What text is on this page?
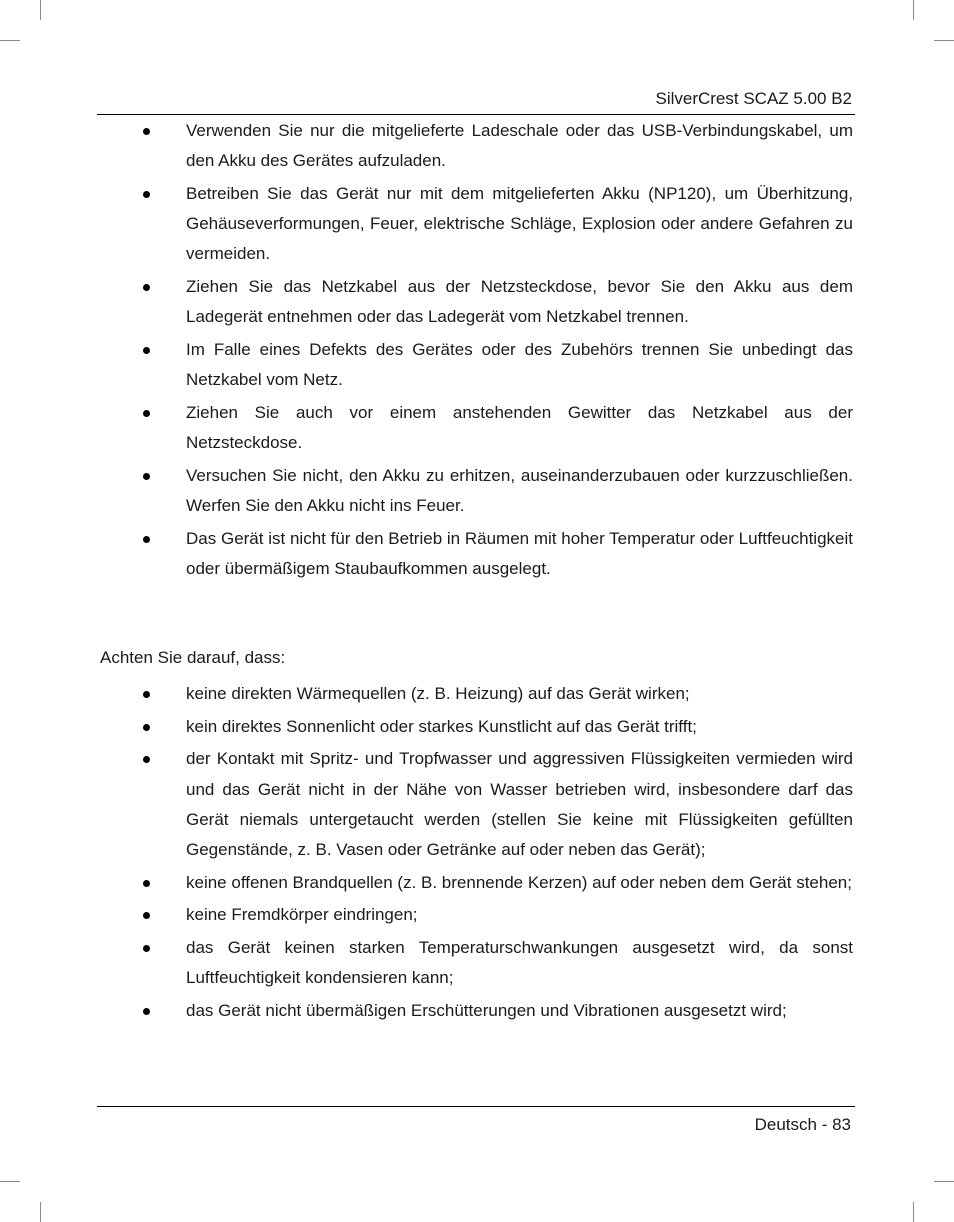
SilverCrest SCAZ 5.00 B2
Verwenden Sie nur die mitgelieferte Ladeschale oder das USB-Verbindungskabel, um den Akku des Gerätes aufzuladen.
Betreiben Sie das Gerät nur mit dem mitgelieferten Akku (NP120), um Überhitzung, Gehäuseverformungen, Feuer, elektrische Schläge, Explosion oder andere Gefahren zu vermeiden.
Ziehen Sie das Netzkabel aus der Netzsteckdose, bevor Sie den Akku aus dem Ladegerät entnehmen oder das Ladegerät vom Netzkabel trennen.
Im Falle eines Defekts des Gerätes oder des Zubehörs trennen Sie unbedingt das Netzkabel vom Netz.
Ziehen Sie auch vor einem anstehenden Gewitter das Netzkabel aus der Netzsteckdose.
Versuchen Sie nicht, den Akku zu erhitzen, auseinanderzubauen oder kurzzuschließen. Werfen Sie den Akku nicht ins Feuer.
Das Gerät ist nicht für den Betrieb in Räumen mit hoher Temperatur oder Luftfeuchtigkeit oder übermäßigem Staubaufkommen ausgelegt.

Achten Sie darauf, dass:

keine direkten Wärmequellen (z. B. Heizung) auf das Gerät wirken;
kein direktes Sonnenlicht oder starkes Kunstlicht auf das Gerät trifft;
der Kontakt mit Spritz- und Tropfwasser und aggressiven Flüssigkeiten vermieden wird und das Gerät nicht in der Nähe von Wasser betrieben wird, insbesondere darf das Gerät niemals untergetaucht werden (stellen Sie keine mit Flüssigkeiten gefüllten Gegenstände, z. B. Vasen oder Getränke auf oder neben das Gerät);
keine offenen Brandquellen (z. B. brennende Kerzen) auf oder neben dem Gerät stehen;
keine Fremdkörper eindringen;
das Gerät keinen starken Temperaturschwankungen ausgesetzt wird, da sonst Luftfeuchtigkeit kondensieren kann;
das Gerät nicht übermäßigen Erschütterungen und Vibrationen ausgesetzt wird;
Deutsch - 83
